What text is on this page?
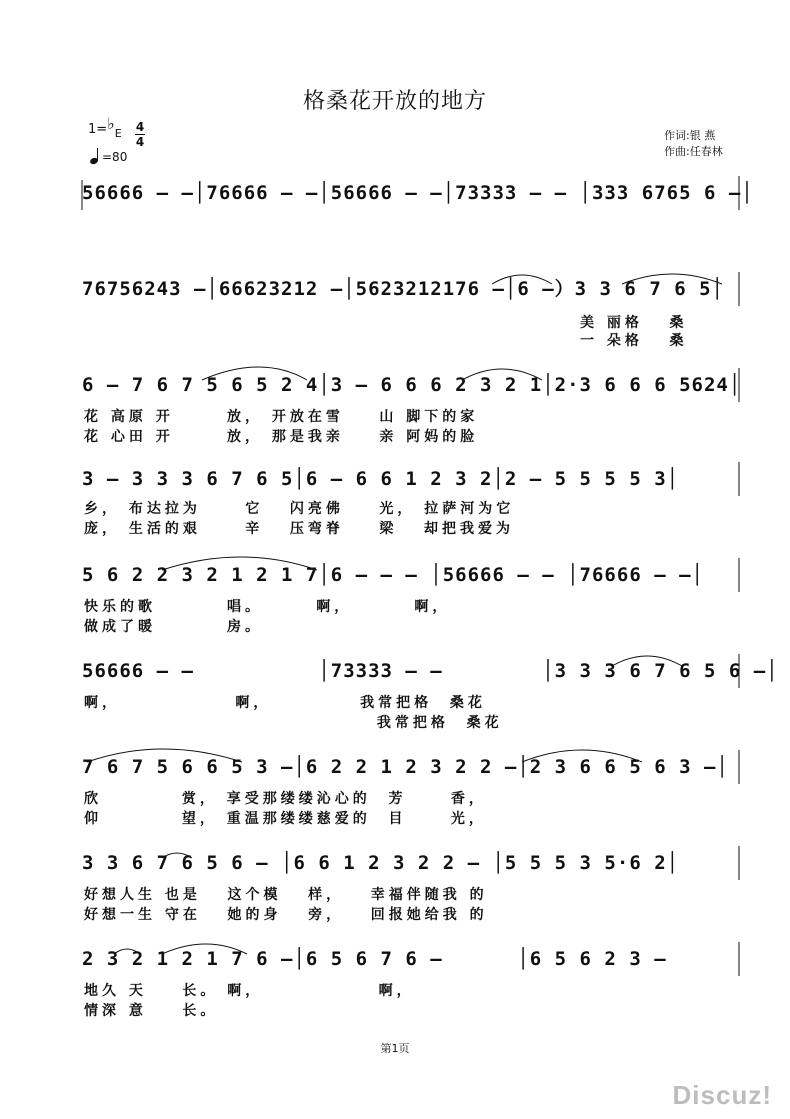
格桑花开放的地方
$1=♭_E$ 4
4
=80
作词:银 燕
作曲:任春林
56666 – –│76666 – –│56666 – –│73333 – – │333 6765 6 –│
76756243 –│66623212 –│5623212176 –│6 –）3 3 6 7 6 5│
美 丽格   桑
一 朵格   桑
6 – 7 6 7 5 6 5 2 4│3 – 6 6 6 2 3 2 1│2·3 6 6 6 5624│
花 高原 开      放， 开放在雪    山 脚下的家
花 心田 开      放， 那是我亲    亲 阿妈的脸
3 – 3 3 3 6 7 6 5│6 – 6 6 1 2 3 2│2 – 5 5 5 5 3│
乡， 布达拉为     它   闪亮佛    光， 拉萨河为它
庞， 生活的艰     辛   压弯脊    梁   却把我爱为
5 6 2 2 3 2 1 2 1 7│6 – – – │56666 – – │76666 – –│
快乐的歌        唱。      啊，       啊，
做成了暖        房。
56666 – –          │73333 – –        │3 3 3 6 7 6 5 6 –│
啊，             啊，          我常把格  桑花
我常把格  桑花
7 6 7 5 6 6 5 3 –│6 2 2 1 2 3 2 2 –│2 3 6 6 5 6 3 –│
欣         赏， 享受那缕缕沁心的  芳     香，
仰         望， 重温那缕缕慈爱的  目     光，
3 3 6 7 6 5 6 – │6 6 1 2 3 2 2 – │5 5 5 3 5·6 2│
好想人生 也是   这个模   样，   幸福伴随我 的
好想一生 守在   她的身   旁，   回报她给我 的
2 3 2 1 2 1 7 6 –│6 5 6 7 6 –      │6 5 6 2 3 –
地久 天    长。 啊，             啊，
情深 意    长。
第1页
Discuz!
